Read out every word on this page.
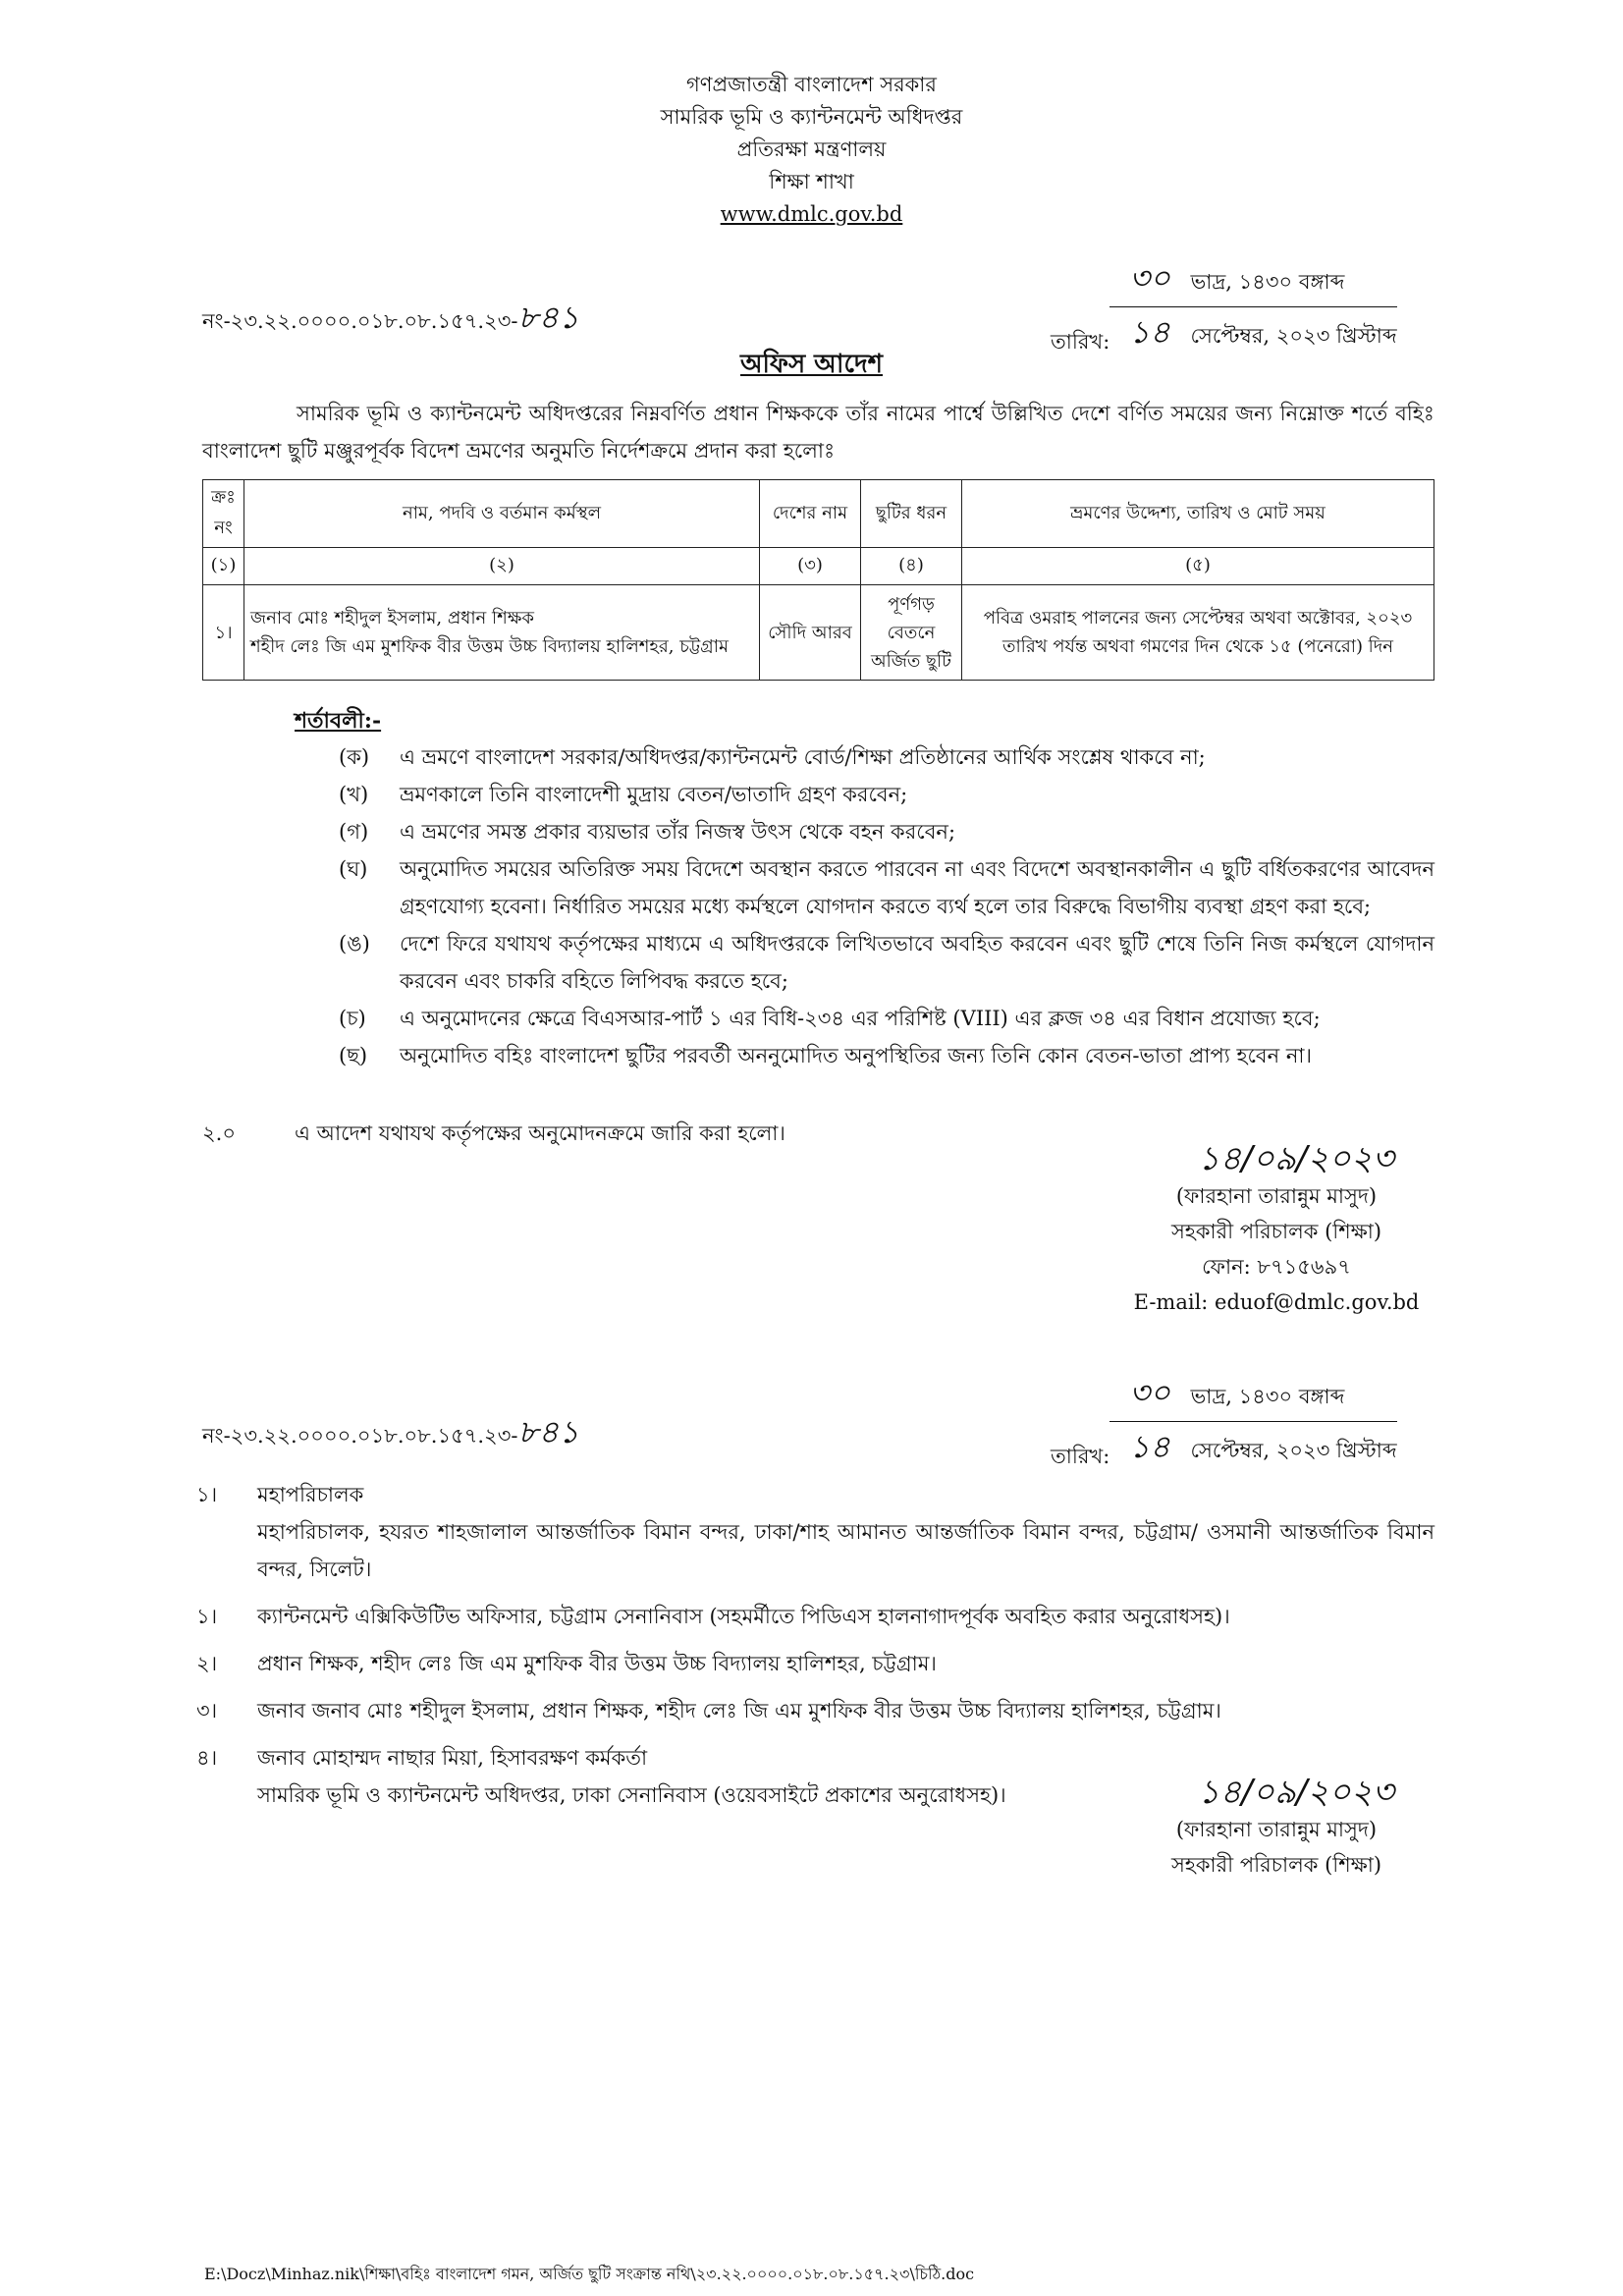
গণপ্রজাতন্ত্রী বাংলাদেশ সরকার
সামরিক ভূমি ও ক্যান্টনমেন্ট অধিদপ্তর
প্রতিরক্ষা মন্ত্রণালয়
শিক্ষা শাখা
www.dmlc.gov.bd
নং-২৩.২২.০০০০.০১৮.০৮.১৫৭.২৩-৮৪১
তারিখ:
৩০ ভাদ্র, ১৪৩০ বঙ্গাব্দ
১৪ সেপ্টেম্বর, ২০২৩ খ্রিস্টাব্দ
অফিস আদেশ
সামরিক ভূমি ও ক্যান্টনমেন্ট অধিদপ্তরের নিম্নবর্ণিত প্রধান শিক্ষককে তাঁর নামের পার্শ্বে উল্লিখিত দেশে বর্ণিত সময়ের জন্য নিম্নোক্ত শর্তে বহিঃ বাংলাদেশ ছুটি মঞ্জুরপূর্বক বিদেশ ভ্রমণের অনুমতি নির্দেশক্রমে প্রদান করা হলোঃ
ক্রঃ নং	নাম, পদবি ও বর্তমান কর্মস্থল	দেশের নাম	ছুটির ধরন	ভ্রমণের উদ্দেশ্য, তারিখ ও মোট সময়
(১)	(২)	(৩)	(৪)	(৫)
১।	জনাব মোঃ শহীদুল ইসলাম, প্রধান শিক্ষক
শহীদ লেঃ জি এম মুশফিক বীর উত্তম উচ্চ বিদ্যালয় হালিশহর, চট্টগ্রাম	সৌদি আরব	পূর্ণগড় বেতনে অর্জিত ছুটি	পবিত্র ওমরাহ পালনের জন্য সেপ্টেম্বর অথবা অক্টোবর, ২০২৩ তারিখ পর্যন্ত অথবা গমণের দিন থেকে ১৫ (পনেরো) দিন
শর্তাবলী:-
(ক)	এ ভ্রমণে বাংলাদেশ সরকার/অধিদপ্তর/ক্যান্টনমেন্ট বোর্ড/শিক্ষা প্রতিষ্ঠানের আর্থিক সংশ্লেষ থাকবে না;
(খ)	ভ্রমণকালে তিনি বাংলাদেশী মুদ্রায় বেতন/ভাতাদি গ্রহণ করবেন;
(গ)	এ ভ্রমণের সমস্ত প্রকার ব্যয়ভার তাঁর নিজস্ব উৎস থেকে বহন করবেন;
(ঘ)	অনুমোদিত সময়ের অতিরিক্ত সময় বিদেশে অবস্থান করতে পারবেন না এবং বিদেশে অবস্থানকালীন এ ছুটি বর্ধিতকরণের আবেদন গ্রহণযোগ্য হবেনা। নির্ধারিত সময়ের মধ্যে কর্মস্থলে যোগদান করতে ব্যর্থ হলে তার বিরুদ্ধে বিভাগীয় ব্যবস্থা গ্রহণ করা হবে;
(ঙ)	দেশে ফিরে যথাযথ কর্তৃপক্ষের মাধ্যমে এ অধিদপ্তরকে লিখিতভাবে অবহিত করবেন এবং ছুটি শেষে তিনি নিজ কর্মস্থলে যোগদান করবেন এবং চাকরি বহিতে লিপিবদ্ধ করতে হবে;
(চ)	এ অনুমোদনের ক্ষেত্রে বিএসআর-পার্ট ১ এর বিধি-২৩৪ এর পরিশিষ্ট (VIII) এর ক্লজ ৩৪ এর বিধান প্রযোজ্য হবে;
(ছ)	অনুমোদিত বহিঃ বাংলাদেশ ছুটির পরবর্তী অননুমোদিত অনুপস্থিতির জন্য তিনি কোন বেতন-ভাতা প্রাপ্য হবেন না।
২.০	এ আদেশ যথাযথ কর্তৃপক্ষের অনুমোদনক্রমে জারি করা হলো।
১৪/০৯/২০২৩
(ফারহানা তারান্নুম মাসুদ)
সহকারী পরিচালক (শিক্ষা)
ফোন: ৮৭১৫৬৯৭
E-mail: eduof@dmlc.gov.bd
নং-২৩.২২.০০০০.০১৮.০৮.১৫৭.২৩-৮৪১
তারিখ:
৩০ ভাদ্র, ১৪৩০ বঙ্গাব্দ
১৪ সেপ্টেম্বর, ২০২৩ খ্রিস্টাব্দ
১।	মহাপরিচালক
মহাপরিচালক, হযরত শাহজালাল আন্তর্জাতিক বিমান বন্দর, ঢাকা/শাহ আমানত আন্তর্জাতিক বিমান বন্দর, চট্টগ্রাম/ ওসমানী আন্তর্জাতিক বিমান বন্দর, সিলেট।
১।	ক্যান্টনমেন্ট এক্সিকিউটিভ অফিসার, চট্টগ্রাম সেনানিবাস (সহমর্মীতে পিডিএস হালনাগাদপূর্বক অবহিত করার অনুরোধসহ)।
২।	প্রধান শিক্ষক, শহীদ লেঃ জি এম মুশফিক বীর উত্তম উচ্চ বিদ্যালয় হালিশহর, চট্টগ্রাম।
৩।	জনাব জনাব মোঃ শহীদুল ইসলাম, প্রধান শিক্ষক, শহীদ লেঃ জি এম মুশফিক বীর উত্তম উচ্চ বিদ্যালয় হালিশহর, চট্টগ্রাম।
৪।	জনাব মোহাম্মদ নাছার মিয়া, হিসাবরক্ষণ কর্মকর্তা
সামরিক ভূমি ও ক্যান্টনমেন্ট অধিদপ্তর, ঢাকা সেনানিবাস (ওয়েবসাইটে প্রকাশের অনুরোধসহ)।	১৪/০৯/২০২৩
(ফারহানা তারান্নুম মাসুদ)
সহকারী পরিচালক (শিক্ষা)
E:\Docz\Minhaz.nik\শিক্ষা\বহিঃ বাংলাদেশ গমন, অর্জিত ছুটি সংক্রান্ত নথি\২৩.২২.০০০০.০১৮.০৮.১৫৭.২৩\চিঠি.doc
